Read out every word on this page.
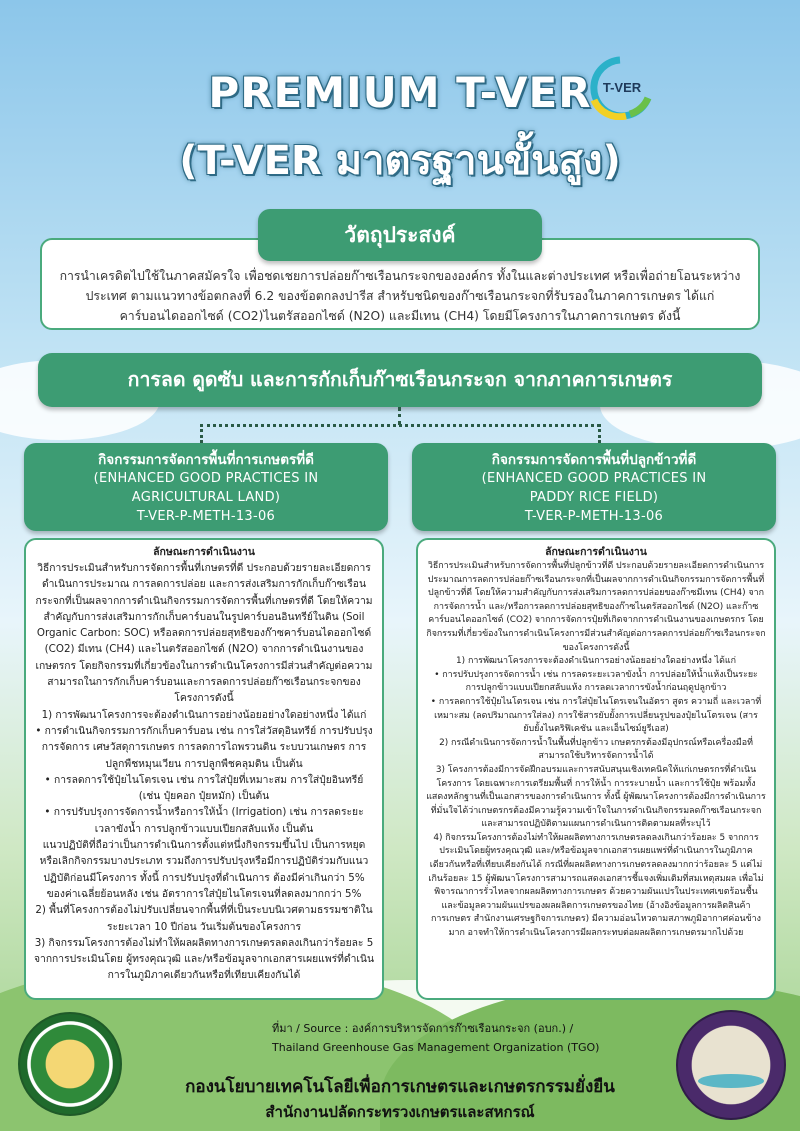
PREMIUM T-VER
(T-VER มาตรฐานขั้นสูง)
T-VER

การนำเครดิตไปใช้ในภาคสมัครใจ เพื่อชดเชยการปล่อยก๊าซเรือนกระจกขององค์กร ทั้งในและต่างประเทศ หรือเพื่อถ่ายโอนระหว่างประเทศ ตามแนวทางข้อตกลงที่ 6.2 ของข้อตกลงปารีส สำหรับชนิดของก๊าซเรือนกระจกที่รับรองในภาคการเกษตร ได้แก่ คาร์บอนไดออกไซด์ (CO2)ไนตรัสออกไซด์ (N2O) และมีเทน (CH4) โดยมีโครงการในภาคการเกษตร ดังนี้

วัตถุประสงค์
การลด ดูดซับ และการกักเก็บก๊าซเรือนกระจก จากภาคการเกษตร
กิจกรรมการจัดการพื้นที่การเกษตรที่ดี
(ENHANCED GOOD PRACTICES IN
AGRICULTURAL LAND)
T-VER-P-METH-13-06
กิจกรรมการจัดการพื้นที่ปลูกข้าวที่ดี
(ENHANCED GOOD PRACTICES IN
PADDY RICE FIELD)
T-VER-P-METH-13-06
ลักษณะการดำเนินงาน

วิธีการประเมินสำหรับการจัดการพื้นที่เกษตรที่ดี ประกอบด้วยรายละเอียดการดำเนินการประมาณ การลดการปล่อย และการส่งเสริมการกักเก็บก๊าซเรือนกระจกที่เป็นผลจากการดำเนินกิจกรรมการจัดการพื้นที่เกษตรที่ดี โดยให้ความสำคัญกับการส่งเสริมการกักเก็บคาร์บอนในรูปคาร์บอนอินทรีย์ในดิน (Soil Organic Carbon: SOC) หรือลดการปล่อยสุทธิของก๊าซคาร์บอนไดออกไซด์ (CO2) มีเทน (CH4) และไนตรัสออกไซด์ (N2O) จากการดำเนินงานของเกษตรกร โดยกิจกรรมที่เกี่ยวข้องในการดำเนินโครงการมีส่วนสำคัญต่อความสามารถในการกักเก็บคาร์บอนและการลดการปล่อยก๊าซเรือนกระจกของโครงการดังนี้

1) การพัฒนาโครงการจะต้องดำเนินการอย่างน้อยอย่างใดอย่างหนึ่ง ได้แก่

• การดำเนินกิจกรรมการกักเก็บคาร์บอน เช่น การใส่วัสดุอินทรีย์ การปรับปรุงการจัดการ เศษวัสดุการเกษตร การลดการไถพรวนดิน ระบบวนเกษตร การปลูกพืชหมุนเวียน การปลูกพืชคลุมดิน เป็นต้น

• การลดการใช้ปุ๋ยไนโตรเจน เช่น การใส่ปุ๋ยที่เหมาะสม การใส่ปุ๋ยอินทรีย์ (เช่น ปุ๋ยคอก ปุ๋ยหมัก) เป็นต้น

• การปรับปรุงการจัดการน้ำหรือการให้น้ำ (Irrigation) เช่น การลดระยะเวลาขังน้ำ การปลูกข้าวแบบเปียกสลับแห้ง เป็นต้น

แนวปฏิบัติที่ถือว่าเป็นการดำเนินการตั้งแต่หนึ่งกิจกรรมขึ้นไป เป็นการหยุดหรือเลิกกิจกรรมบางประเภท รวมถึงการปรับปรุงหรือมีการปฏิบัติร่วมกับแนวปฏิบัติก่อนมีโครงการ ทั้งนี้ การปรับปรุงที่ดำเนินการ ต้องมีค่าเกินกว่า 5% ของค่าเฉลี่ยย้อนหลัง เช่น อัตราการใส่ปุ๋ยไนโตรเจนที่ลดลงมากกว่า 5%

2) พื้นที่โครงการต้องไม่ปรับเปลี่ยนจากพื้นที่ที่เป็นระบบนิเวศตามธรรมชาติในระยะเวลา 10 ปีก่อน วันเริ่มต้นของโครงการ

3) กิจกรรมโครงการต้องไม่ทำให้ผลผลิตทางการเกษตรลดลงเกินกว่าร้อยละ 5 จากการประเมินโดย ผู้ทรงคุณวุฒิ และ/หรือข้อมูลจากเอกสารเผยแพร่ที่ดำเนินการในภูมิภาคเดียวกันหรือที่เทียบเคียงกันได้

ลักษณะการดำเนินงาน

วิธีการประเมินสำหรับการจัดการพื้นที่ปลูกข้าวที่ดี ประกอบด้วยรายละเอียดการดำเนินการประมาณการลดการปล่อยก๊าซเรือนกระจกที่เป็นผลจากการดำเนินกิจกรรมการจัดการพื้นที่ปลูกข้าวที่ดี โดยให้ความสำคัญกับการส่งเสริมการลดการปล่อยของก๊าซมีเทน (CH4) จากการจัดการน้ำ และ/หรือการลดการปล่อยสุทธิของก๊าซไนตรัสออกไซด์ (N2O) และก๊าซคาร์บอนไดออกไซด์ (CO2) จากการจัดการปุ๋ยที่เกิดจากการดำเนินงานของเกษตรกร โดยกิจกรรมที่เกี่ยวข้องในการดำเนินโครงการมีส่วนสำคัญต่อการลดการปล่อยก๊าซเรือนกระจกของโครงการดังนี้

1) การพัฒนาโครงการจะต้องดำเนินการอย่างน้อยอย่างใดอย่างหนึ่ง ได้แก่

• การปรับปรุงการจัดการน้ำ เช่น การลดระยะเวลาขังน้ำ การปล่อยให้น้ำแห้งเป็นระยะ การปลูกข้าวแบบเปียกสลับแห้ง การลดเวลาการขังน้ำก่อนฤดูปลูกข้าว

• การลดการใช้ปุ๋ยไนโตรเจน เช่น การใส่ปุ๋ยไนโตรเจนในอัตรา สูตร ความถี่ และเวลาที่เหมาะสม (ลดปริมาณการใส่ลง) การใช้สารยับยั้งการเปลี่ยนรูปของปุ๋ยไนโตรเจน (สารยับยั้งไนตริฟิเคชัน และเอ็นไซม์ยูรีเอส)

2) กรณีดำเนินการจัดการน้ำในพื้นที่ปลูกข้าว เกษตรกรต้องมีอุปกรณ์หรือเครื่องมือที่สามารถใช้บริหารจัดการน้ำได้

3) โครงการต้องมีการจัดฝึกอบรมและการสนับสนุนเชิงเทคนิคให้แก่เกษตรกรที่ดำเนินโครงการ โดยเฉพาะการเตรียมพื้นที่ การให้น้ำ การระบายน้ำ และการใช้ปุ๋ย พร้อมทั้งแสดงหลักฐานที่เป็นเอกสารของการดำเนินการ ทั้งนี้ ผู้พัฒนาโครงการต้องมีการดำเนินการที่มั่นใจได้ว่าเกษตรกรต้องมีความรู้ความเข้าใจในการดำเนินกิจกรรมลดก๊าซเรือนกระจก และสามารถปฏิบัติตามแผนการดำเนินการติดตามผลที่ระบุไว้

4) กิจกรรมโครงการต้องไม่ทำให้ผลผลิตทางการเกษตรลดลงเกินกว่าร้อยละ 5 จากการประเมินโดยผู้ทรงคุณวุฒิ และ/หรือข้อมูลจากเอกสารเผยแพร่ที่ดำเนินการในภูมิภาคเดียวกันหรือที่เทียบเคียงกันได้ กรณีที่ผลผลิตทางการเกษตรลดลงมากกว่าร้อยละ 5 แต่ไม่เกินร้อยละ 15 ผู้พัฒนาโครงการสามารถแสดงเอกสารชี้แจงเพิ่มเติมที่สมเหตุสมผล เพื่อไม่พิจารณาการรั่วไหลจากผลผลิตทางการเกษตร ด้วยความผันแปรในประเทศเขตร้อนชื้น และข้อมูลความผันแปรของผลผลิตการเกษตรของไทย (อ้างอิงข้อมูลการผลิตสินค้าการเกษตร สำนักงานเศรษฐกิจการเกษตร) มีความอ่อนไหวตามสภาพภูมิอากาศค่อนข้างมาก อาจทำให้การดำเนินโครงการมีผลกระทบต่อผลผลิตการเกษตรมากไปด้วย

ที่มา / Source : องค์การบริหารจัดการก๊าซเรือนกระจก (อบก.) /
Thailand Greenhouse Gas Management Organization (TGO)
กองนโยบายเทคโนโลยีเพื่อการเกษตรและเกษตรกรรมยั่งยืน
สำนักงานปลัดกระทรวงเกษตรและสหกรณ์
